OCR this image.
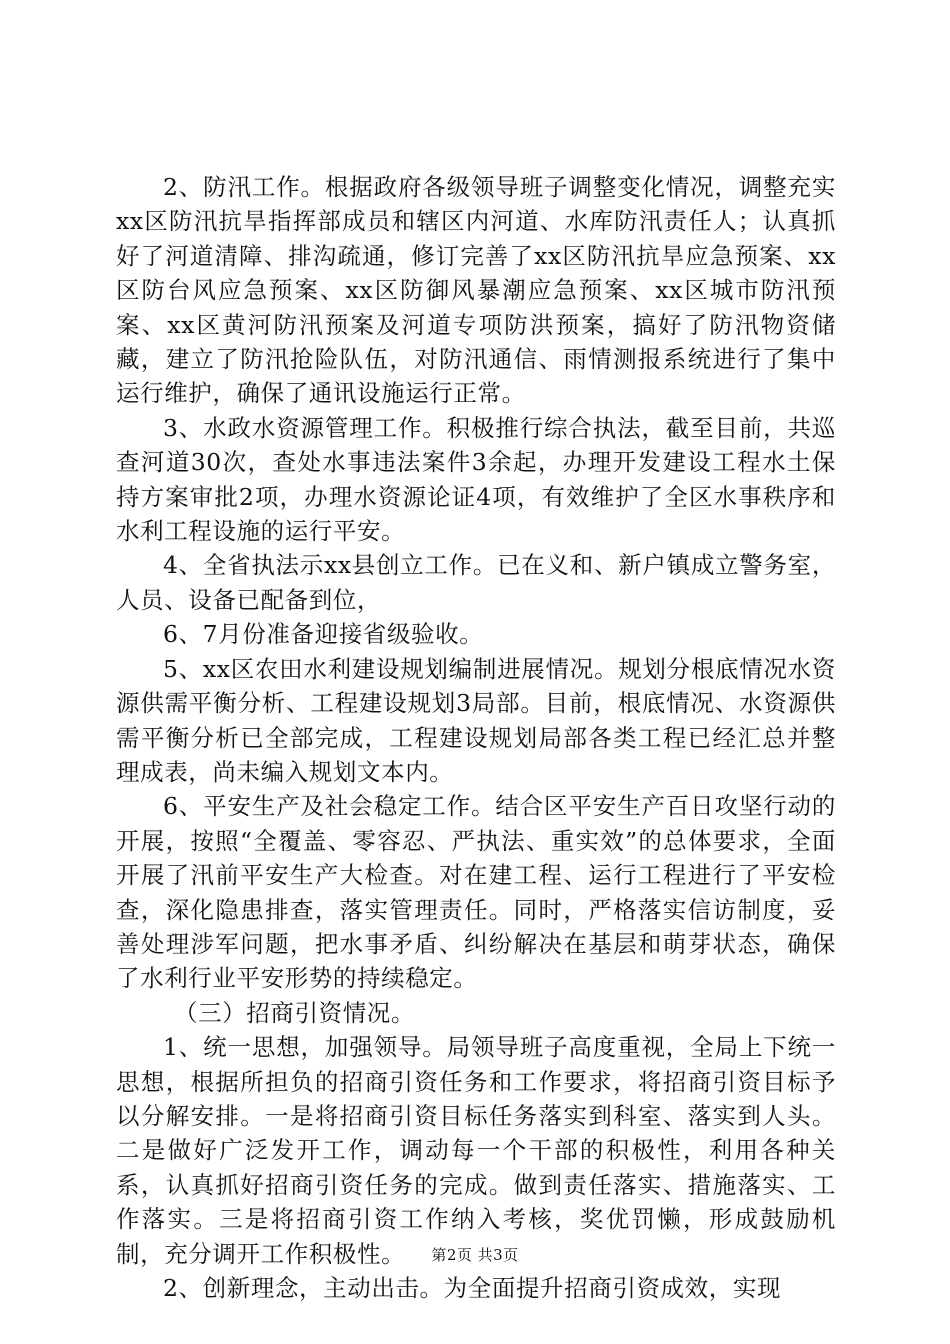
2、防汛工作。根据政府各级领导班子调整变化情况，调整充实xx区防汛抗旱指挥部成员和辖区内河道、水库防汛责任人；认真抓好了河道清障、排沟疏通，修订完善了xx区防汛抗旱应急预案、xx区防台风应急预案、xx区防御风暴潮应急预案、xx区城市防汛预案、xx区黄河防汛预案及河道专项防洪预案，搞好了防汛物资储藏，建立了防汛抢险队伍，对防汛通信、雨情测报系统进行了集中运行维护，确保了通讯设施运行正常。

3、水政水资源管理工作。积极推行综合执法，截至目前，共巡查河道30次，查处水事违法案件3余起，办理开发建设工程水土保持方案审批2项，办理水资源论证4项，有效维护了全区水事秩序和水利工程设施的运行平安。

4、全省执法示xx县创立工作。已在义和、新户镇成立警务室，人员、设备已配备到位，

6、7月份准备迎接省级验收。

5、xx区农田水利建设规划编制进展情况。规划分根底情况水资源供需平衡分析、工程建设规划3局部。目前，根底情况、水资源供需平衡分析已全部完成，工程建设规划局部各类工程已经汇总并整理成表，尚未编入规划文本内。

6、平安生产及社会稳定工作。结合区平安生产百日攻坚行动的开展，按照“全覆盖、零容忍、严执法、重实效”的总体要求，全面开展了汛前平安生产大检查。对在建工程、运行工程进行了平安检查，深化隐患排查，落实管理责任。同时，严格落实信访制度，妥善处理涉军问题，把水事矛盾、纠纷解决在基层和萌芽状态，确保了水利行业平安形势的持续稳定。

（三）招商引资情况。

1、统一思想，加强领导。局领导班子高度重视，全局上下统一思想，根据所担负的招商引资任务和工作要求，将招商引资目标予以分解安排。一是将招商引资目标任务落实到科室、落实到人头。二是做好广泛发开工作，调动每一个干部的积极性，利用各种关系，认真抓好招商引资任务的完成。做到责任落实、措施落实、工作落实。三是将招商引资工作纳入考核，奖优罚懒，形成鼓励机制，充分调开工作积极性。

2、创新理念，主动出击。为全面提升招商引资成效，实现

第2页 共3页
